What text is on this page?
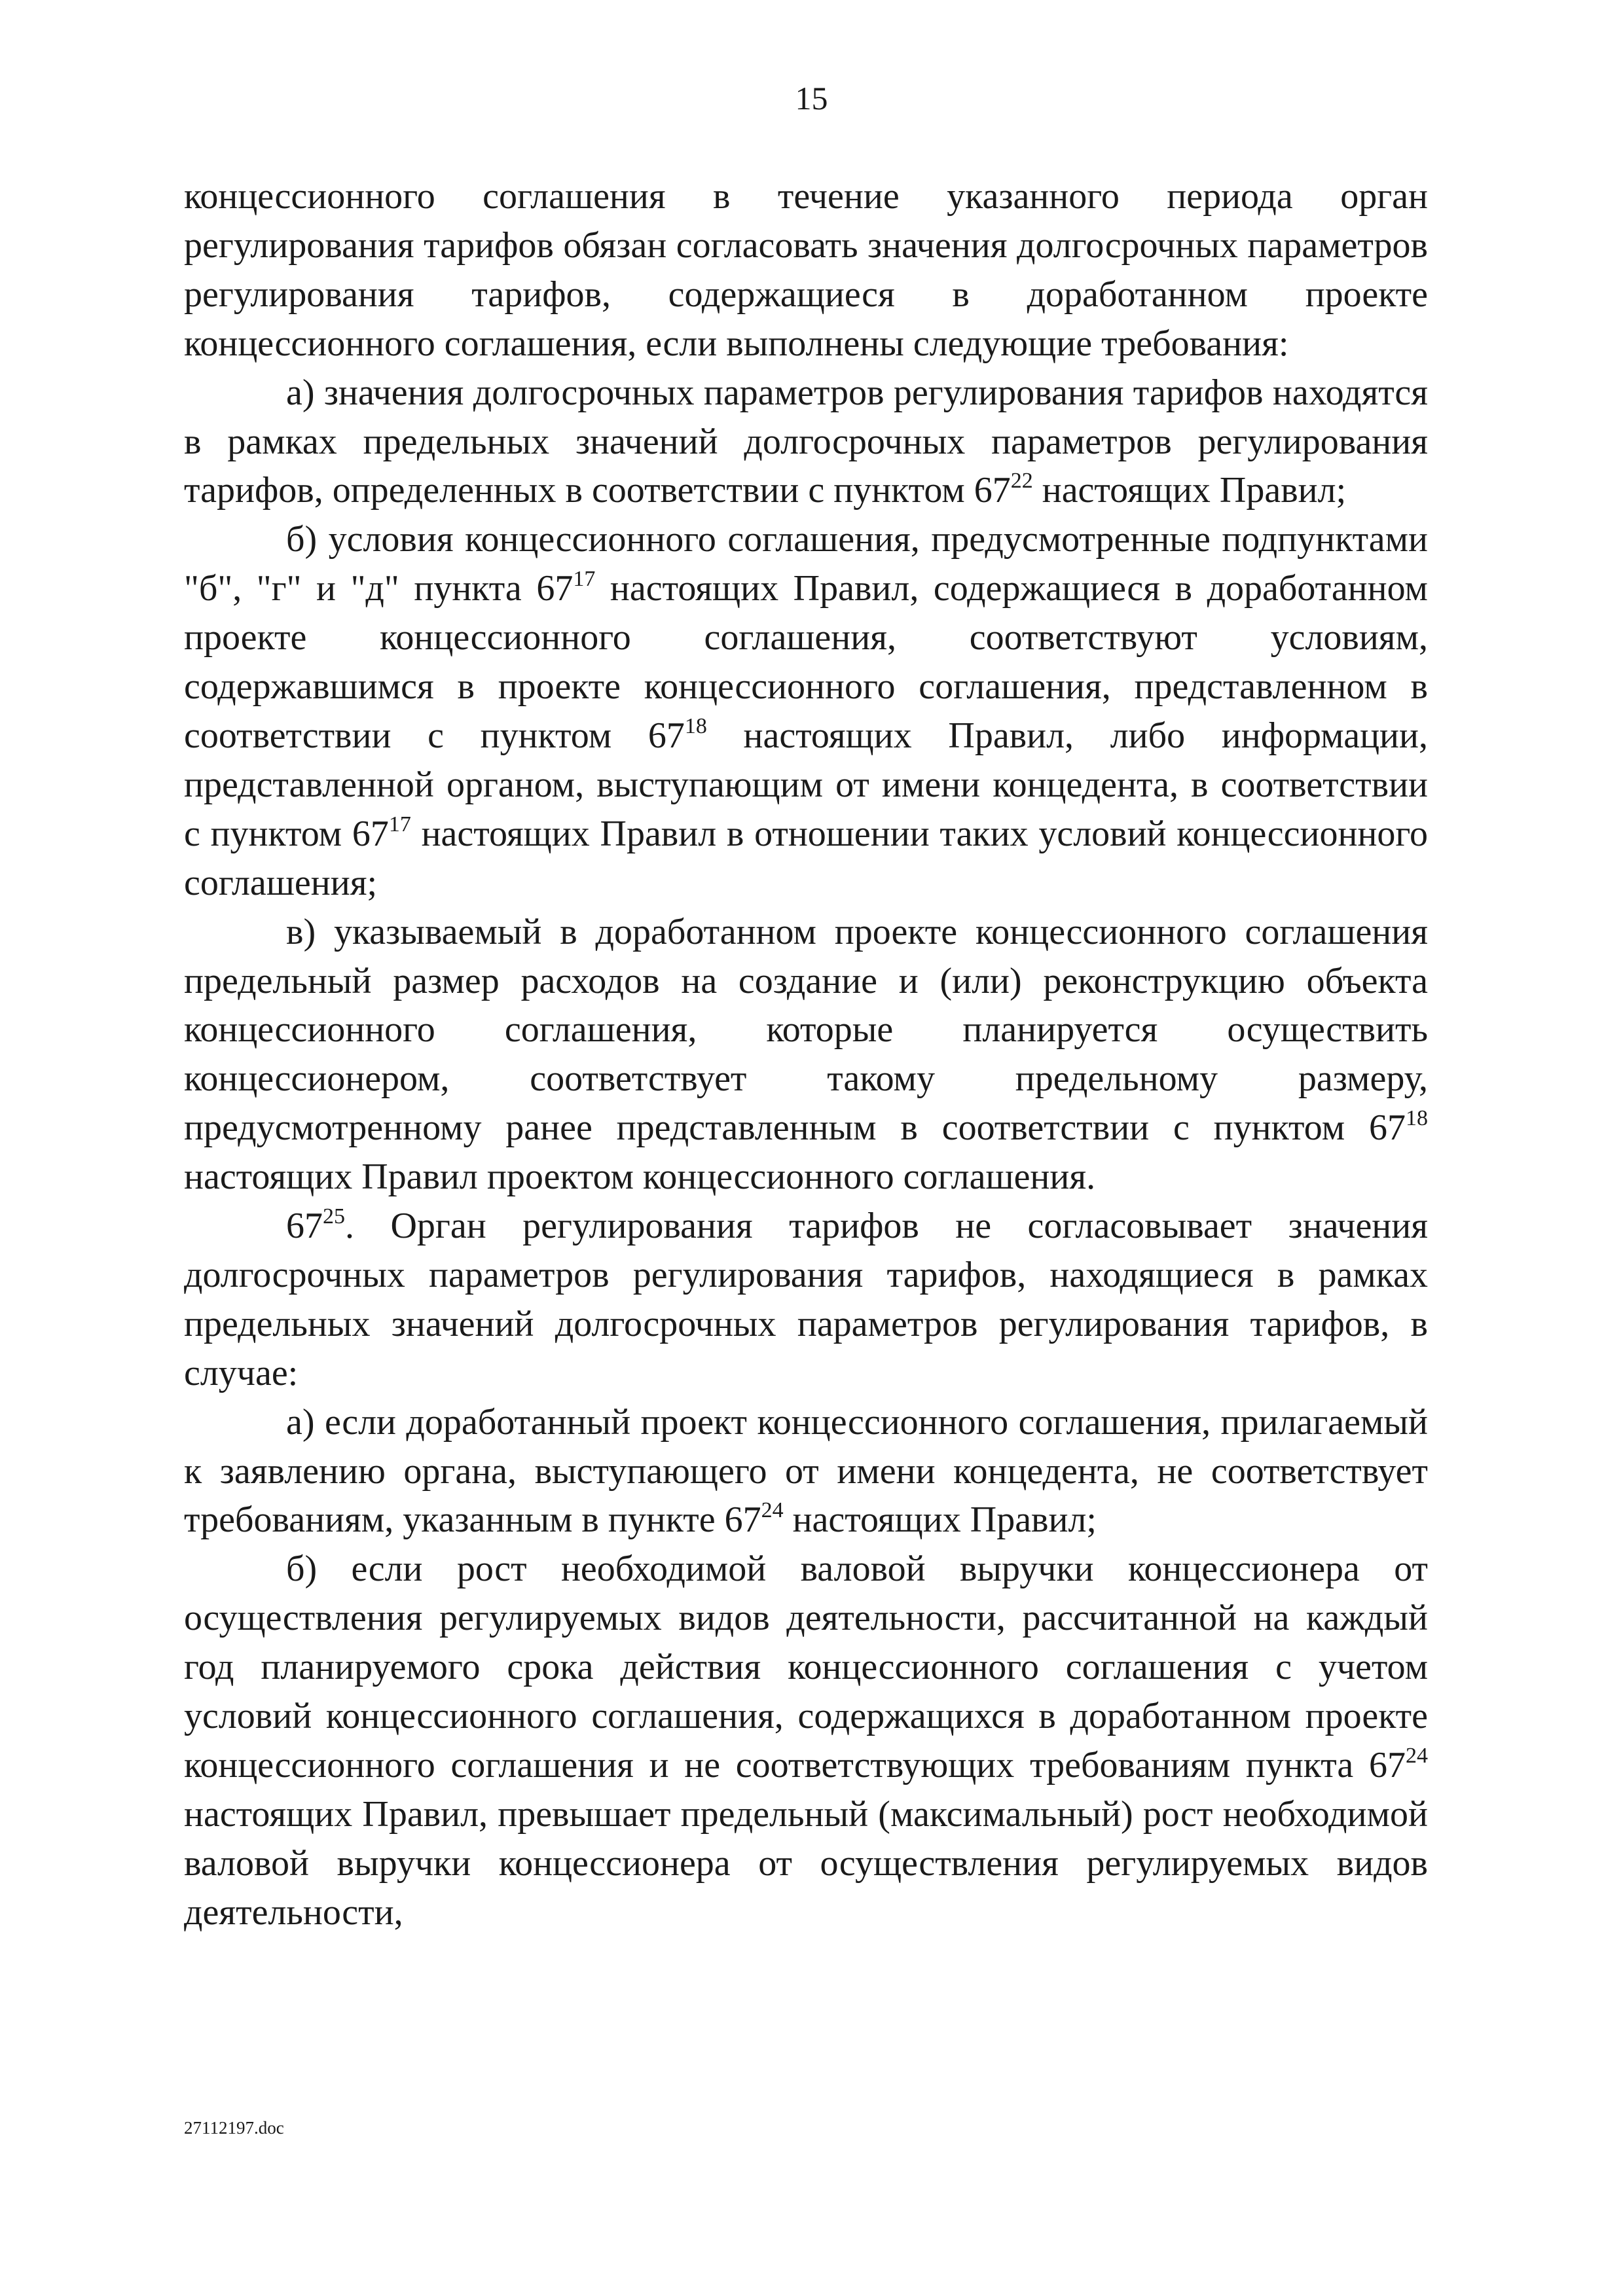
15

концессионного соглашения в течение указанного периода орган регулирования тарифов обязан согласовать значения долгосрочных параметров регулирования тарифов, содержащиеся в доработанном проекте концессионного соглашения, если выполнены следующие требования:

а) значения долгосрочных параметров регулирования тарифов находятся в рамках предельных значений долгосрочных параметров регулирования тарифов, определенных в соответствии с пунктом $67^{22}$ настоящих Правил;

б) условия концессионного соглашения, предусмотренные подпунктами "б", "г" и "д" пункта $67^{17}$ настоящих Правил, содержащиеся в доработанном проекте концессионного соглашения, соответствуют условиям, содержавшимся в проекте концессионного соглашения, представленном в соответствии с пунктом $67^{18}$ настоящих Правил, либо информации, представленной органом, выступающим от имени концедента, в соответствии с пунктом $67^{17}$ настоящих Правил в отношении таких условий концессионного соглашения;

в) указываемый в доработанном проекте концессионного соглашения предельный размер расходов на создание и (или) реконструкцию объекта концессионного соглашения, которые планируется осуществить концессионером, соответствует такому предельному размеру, предусмотренному ранее представленным в соответствии с пунктом $67^{18}$ настоящих Правил проектом концессионного соглашения.

$67^{25}$. Орган регулирования тарифов не согласовывает значения долгосрочных параметров регулирования тарифов, находящиеся в рамках предельных значений долгосрочных параметров регулирования тарифов, в случае:

а) если доработанный проект концессионного соглашения, прилагаемый к заявлению органа, выступающего от имени концедента, не соответствует требованиям, указанным в пункте $67^{24}$ настоящих Правил;

б) если рост необходимой валовой выручки концессионера от осуществления регулируемых видов деятельности, рассчитанной на каждый год планируемого срока действия концессионного соглашения с учетом условий концессионного соглашения, содержащихся в доработанном проекте концессионного соглашения и не соответствующих требованиям пункта $67^{24}$ настоящих Правил, превышает предельный (максимальный) рост необходимой валовой выручки концессионера от осуществления регулируемых видов деятельности,

27112197.doc
